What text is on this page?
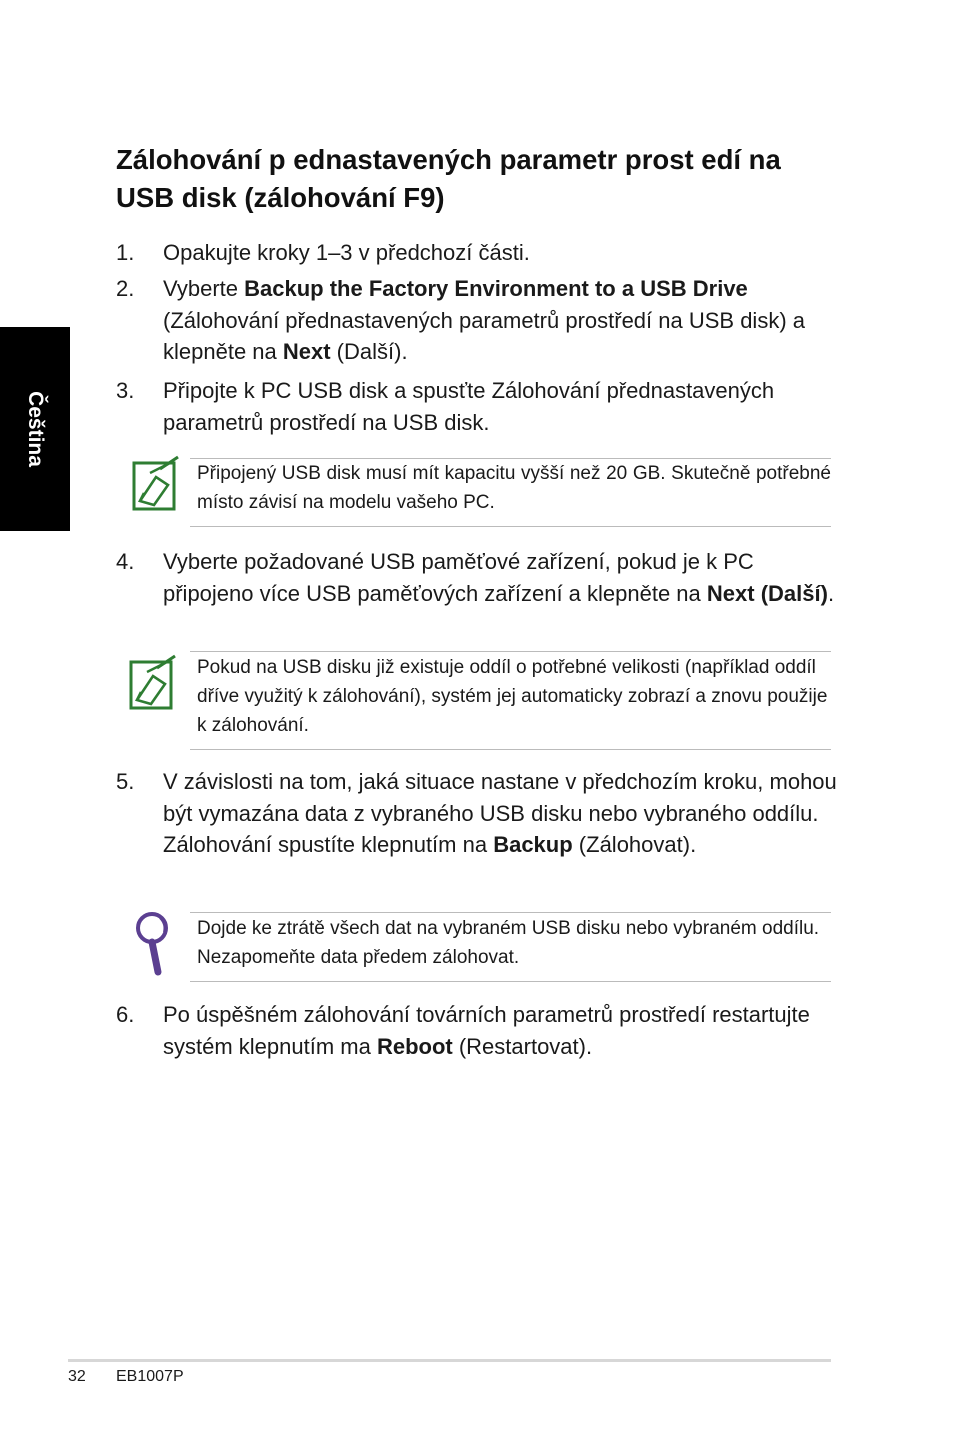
Čeština
Zálohování p ednastavených parametr prost edí na USB disk (zálohování F9)
1. Opakujte kroky 1–3 v předchozí části.
2. Vyberte Backup the Factory Environment to a USB Drive (Zálohování přednastavených parametrů prostředí na USB disk) a klepněte na Next (Další).
3. Připojte k PC USB disk a spusťte Zálohování přednastavených parametrů prostředí na USB disk.
Připojený USB disk musí mít kapacitu vyšší než 20 GB. Skutečně potřebné místo závisí na modelu vašeho PC.
4. Vyberte požadované USB paměťové zařízení, pokud je k PC připojeno více USB paměťových zařízení a klepněte na Next (Další).
Pokud na USB disku již existuje oddíl o potřebné velikosti (například oddíl dříve využitý k zálohování), systém jej automaticky zobrazí a znovu použije k zálohování.
5. V závislosti na tom, jaká situace nastane v předchozím kroku, mohou být vymazána data z vybraného USB disku nebo vybraného oddílu. Zálohování spustíte klepnutím na Backup (Zálohovat).
Dojde ke ztrátě všech dat na vybraném USB disku nebo vybraném oddílu. Nezapomeňte data předem zálohovat.
6. Po úspěšném zálohování továrních parametrů prostředí restartujte systém klepnutím ma Reboot (Restartovat).
32 EB1007P
